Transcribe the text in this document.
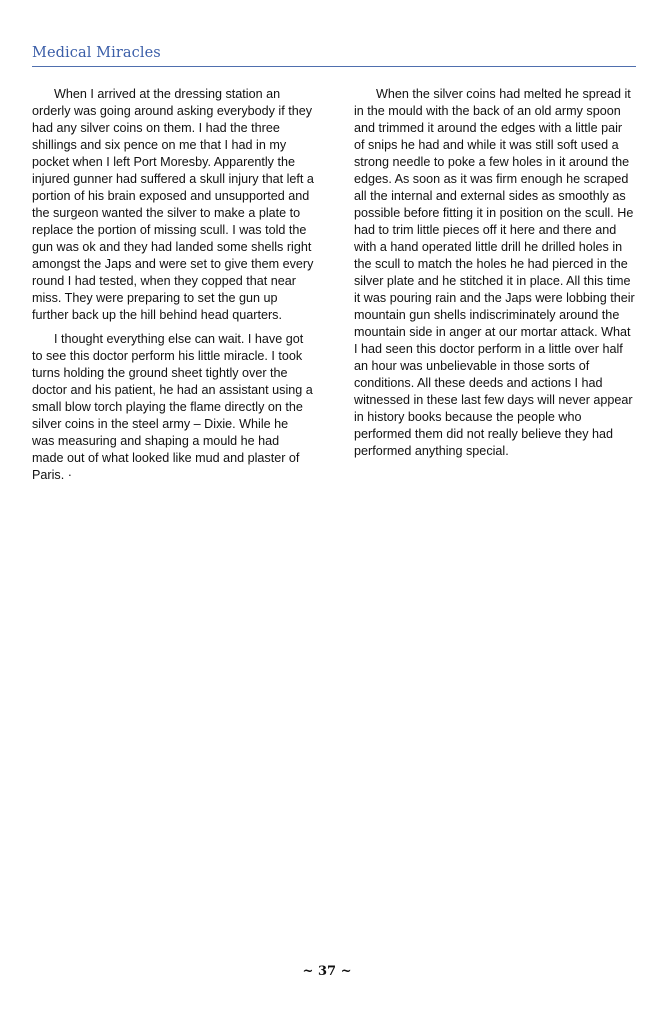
Medical Miracles

When I arrived at the dressing station an orderly was going around asking everybody if they had any silver coins on them. I had the three shillings and six pence on me that I had in my pocket when I left Port Moresby. Apparently the injured gunner had suffered a skull injury that left a portion of his brain exposed and unsupported and the surgeon wanted the silver to make a plate to replace the portion of missing scull. I was told the gun was ok and they had landed some shells right amongst the Japs and were set to give them every round I had tested, when they copped that near miss. They were preparing to set the gun up further back up the hill behind head quarters.

I thought everything else can wait. I have got to see this doctor perform his little miracle. I took turns holding the ground sheet tightly over the doctor and his patient, he had an assistant using a small blow torch playing the flame directly on the silver coins in the steel army – Dixie. While he was measuring and shaping a mould he had made out of what looked like mud and plaster of Paris. ·

When the silver coins had melted he spread it in the mould with the back of an old army spoon and trimmed it around the edges with a little pair of snips he had and while it was still soft used a strong needle to poke a few holes in it around the edges. As soon as it was firm enough he scraped all the internal and external sides as smoothly as possible before fitting it in position on the scull. He had to trim little pieces off it here and there and with a hand operated little drill he drilled holes in the scull to match the holes he had pierced in the silver plate and he stitched it in place. All this time it was pouring rain and the Japs were lobbing their mountain gun shells indiscriminately around the mountain side in anger at our mortar attack. What I had seen this doctor perform in a little over half an hour was unbelievable in those sorts of conditions. All these deeds and actions I had witnessed in these last few days will never appear in history books because the people who performed them did not really believe they had performed anything special.

~ 37 ~
